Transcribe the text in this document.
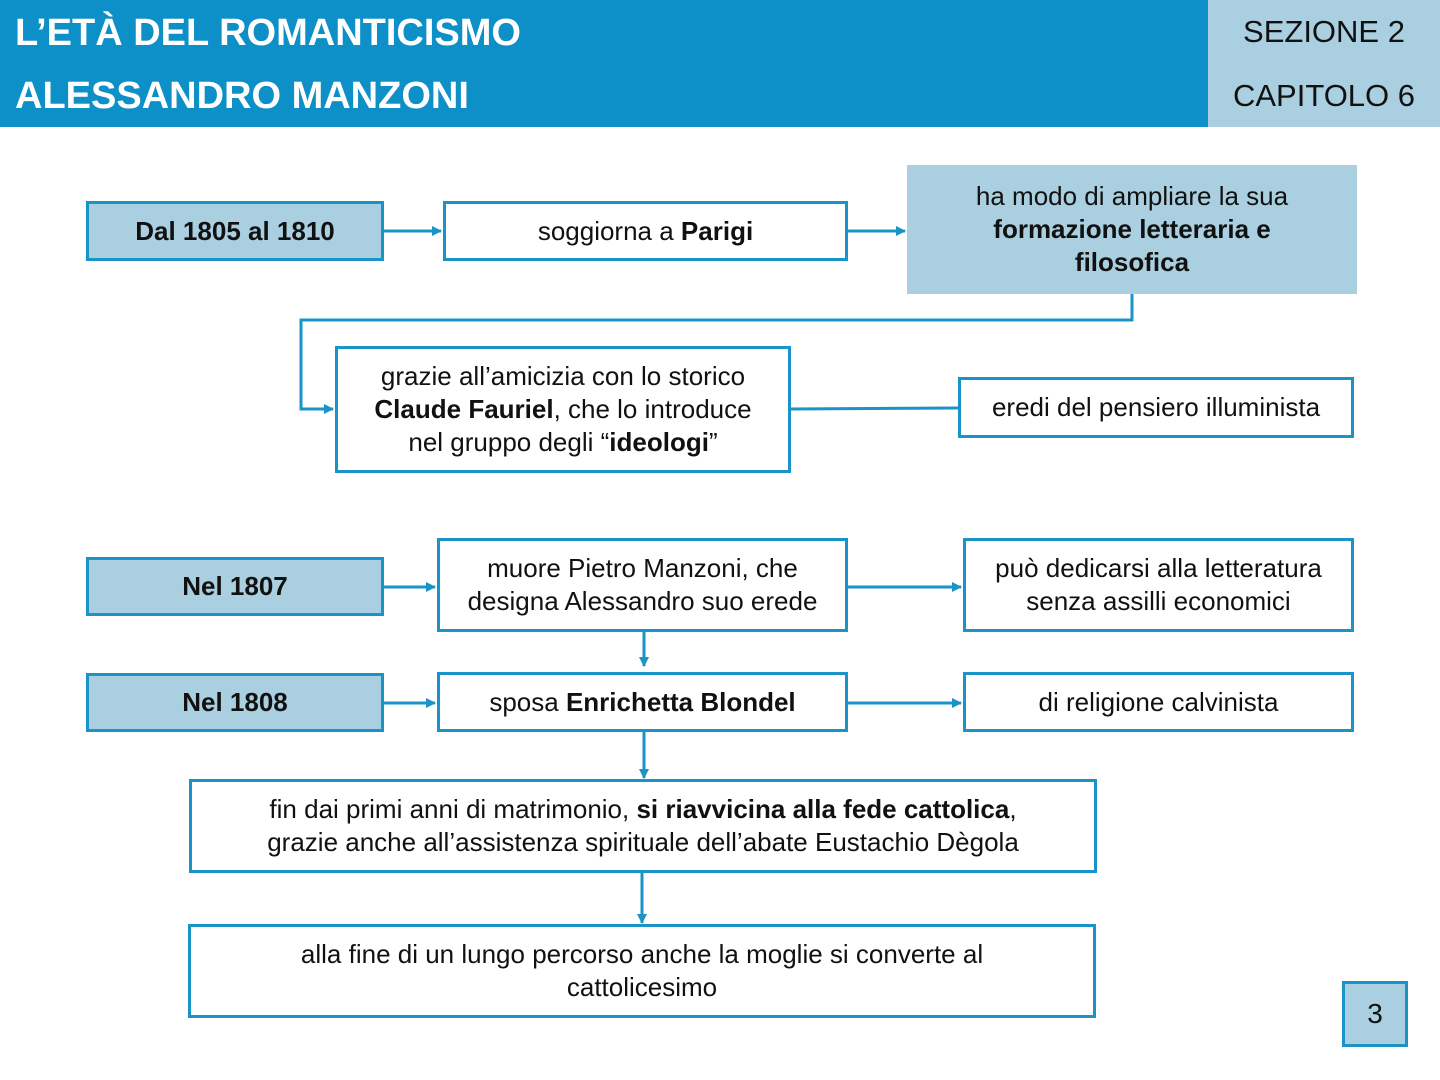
L’ETÀ DEL ROMANTICISMO
ALESSANDRO MANZONI
SEZIONE 2
CAPITOLO 6
Dal 1805 al 1810	soggiorna a Parigi
ha modo di ampliare la sua formazione letteraria e filosofica
grazie all’amicizia con lo storico Claude Fauriel, che lo introduce nel gruppo degli “ideologi”
eredi del pensiero illuminista
Nel 1807
muore Pietro Manzoni, che designa Alessandro suo erede
può dedicarsi alla letteratura senza assilli economici
Nel 1808	sposa Enrichetta Blondel	di religione calvinista
fin dai primi anni di matrimonio, si riavvicina alla fede cattolica, grazie anche all’assistenza spirituale dell’abate Eustachio Dègola
alla fine di un lungo percorso anche la moglie si converte al cattolicesimo
3
